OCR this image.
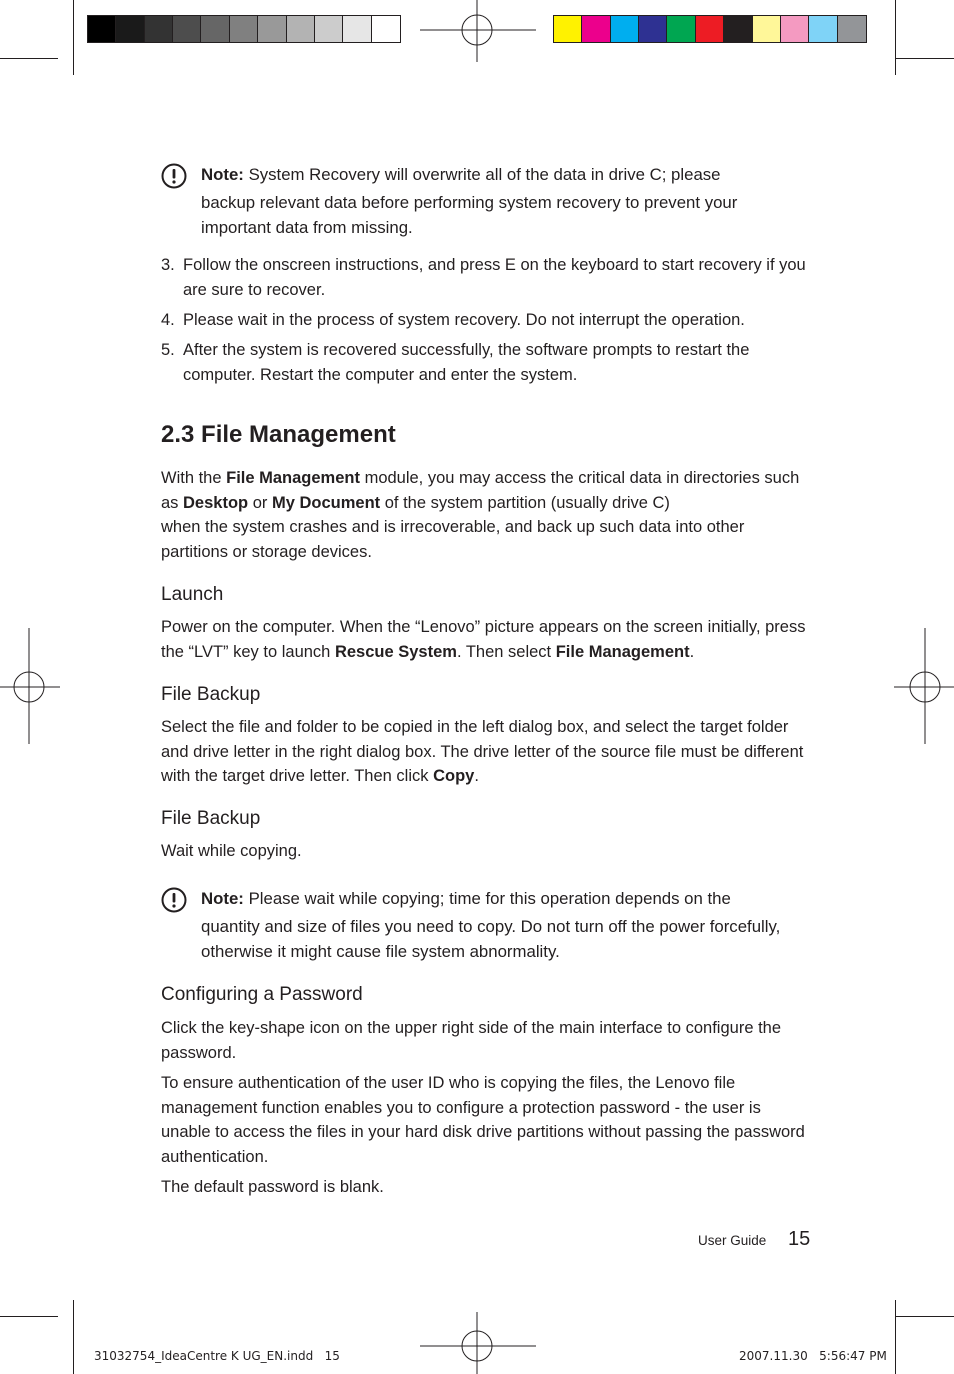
Note: System Recovery will overwrite all of the data in drive C; please
backup relevant data before performing system recovery to prevent your important data from missing.
3. Follow the onscreen instructions, and press E on the keyboard to start recovery if you are sure to recover.
4. Please wait in the process of system recovery. Do not interrupt the operation.
5. After the system is recovered successfully, the software prompts to restart the computer. Restart the computer and enter the system.
2.3 File Management
With the File Management module, you may access the critical data in directories such as Desktop or My Document of the system partition (usually drive C)
when the system crashes and is irrecoverable, and back up such data into other partitions or storage devices.
Launch
Power on the computer. When the “Lenovo” picture appears on the screen initially, press the “LVT” key to launch Rescue System. Then select File Management.
File Backup
Select the file and folder to be copied in the left dialog box, and select the target folder and drive letter in the right dialog box. The drive letter of the source file must be different with the target drive letter. Then click Copy.
File Backup
Wait while copying.
Note: Please wait while copying; time for this operation depends on the
quantity and size of files you need to copy. Do not turn off the power forcefully, otherwise it might cause file system abnormality.
Configuring a Password
Click the key-shape icon on the upper right side of the main interface to configure the password.
To ensure authentication of the user ID who is copying the files, the Lenovo file management function enables you to configure a protection password - the user is unable to access the files in your hard disk drive partitions without passing the password authentication.
The default password is blank.
User Guide 15
31032754_IdeaCentre K UG_EN.indd   15	2007.11.30   5:56:47 PM
